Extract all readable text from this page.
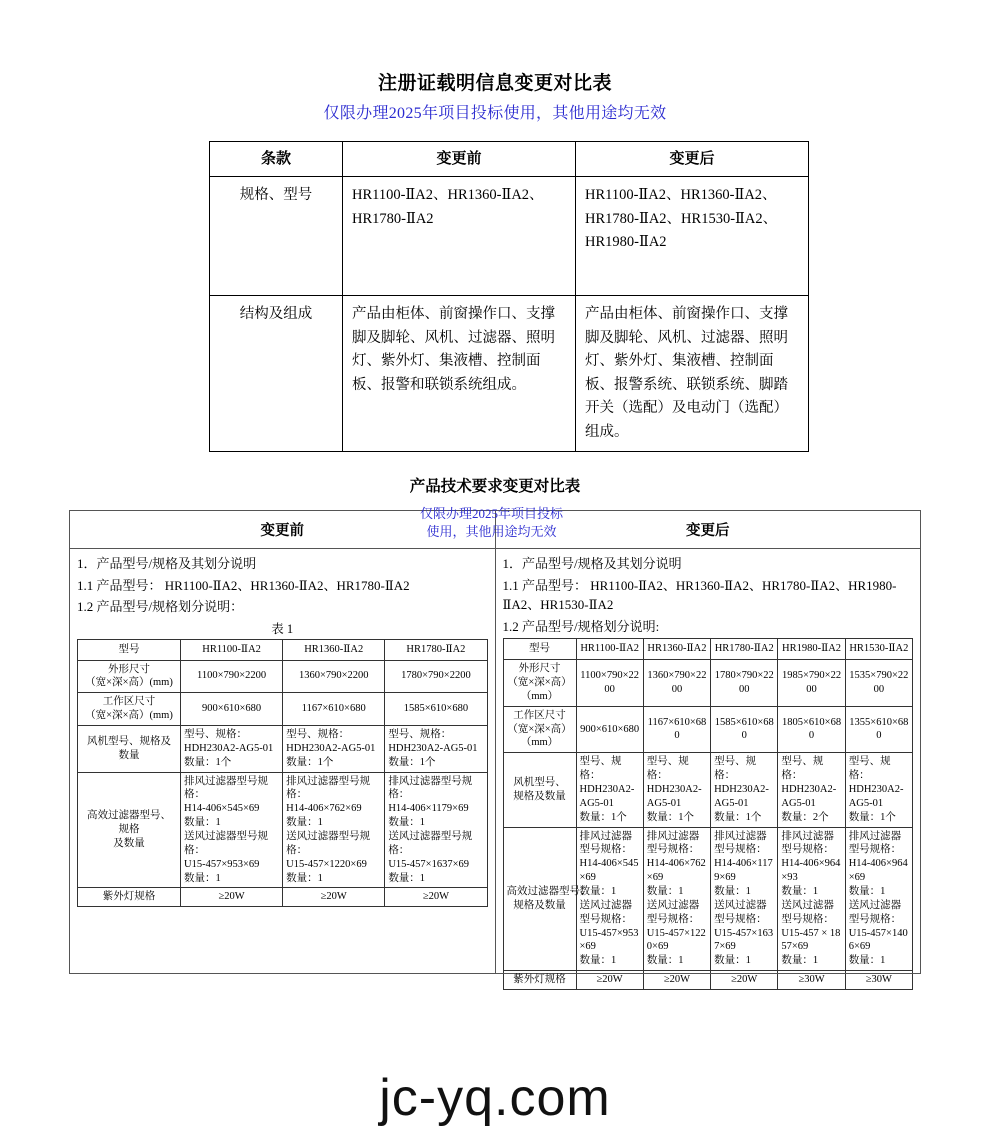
注册证载明信息变更对比表
仅限办理2025年项目投标使用，其他用途均无效
条款	变更前	变更后
规格、型号	HR1100-ⅡA2、HR1360-ⅡA2、HR1780-ⅡA2	HR1100-ⅡA2、HR1360-ⅡA2、HR1780-ⅡA2、HR1530-ⅡA2、HR1980-ⅡA2
结构及组成	产品由柜体、前窗操作口、支撑脚及脚轮、风机、过滤器、照明灯、紫外灯、集液槽、控制面板、报警和联锁系统组成。	产品由柜体、前窗操作口、支撑脚及脚轮、风机、过滤器、照明灯、紫外灯、集液槽、控制面板、报警系统、联锁系统、脚踏开关（选配）及电动门（选配）组成。
产品技术要求变更对比表
仅限办理2025年项目投标
使用，其他用途均无效
变更前	变更后

1．产品型号/规格及其划分说明

1.1 产品型号： HR1100-ⅡA2、HR1360-ⅡA2、HR1780-ⅡA2

1.2 产品型号/规格划分说明：

表 1
型号	HR1100-ⅡA2	HR1360-ⅡA2	HR1780-ⅡA2
外形尺寸
（宽×深×高）(mm)	1100×790×2200	1360×790×2200	1780×790×2200
工作区尺寸
（宽×深×高）(mm)	900×610×680	1167×610×680	1585×610×680
风机型号、规格及
数量	型号、规格：
HDH230A2-AG5-01
数量：1个	型号、规格：
HDH230A2-AG5-01
数量：1个	型号、规格：
HDH230A2-AG5-01
数量：1个
高效过滤器型号、
规格
及数量	排风过滤器型号规格：
H14-406×545×69
数量：1
送风过滤器型号规格：
U15-457×953×69
数量：1	排风过滤器型号规格：
H14-406×762×69
数量：1
送风过滤器型号规格：
U15-457×1220×69
数量：1	排风过滤器型号规格：
H14-406×1179×69
数量：1
送风过滤器型号规格：
U15-457×1637×69
数量：1
紫外灯规格	≥20W	≥20W	≥20W

1．产品型号/规格及其划分说明

1.1 产品型号： HR1100-ⅡA2、HR1360-ⅡA2、HR1780-ⅡA2、HR1980-ⅡA2、HR1530-ⅡA2

1.2 产品型号/规格划分说明:

型号	HR1100-ⅡA2	HR1360-ⅡA2	HR1780-ⅡA2	HR1980-ⅡA2	HR1530-ⅡA2
外形尺寸
（宽×深×高）
（mm）	1100×790×2200	1360×790×2200	1780×790×2200	1985×790×2200	1535×790×2200
工作区尺寸
（宽×深×高）
（mm）	900×610×680	1167×610×680	1585×610×680	1805×610×680	1355×610×680
风机型号、规格及数量	型号、规格：
HDH230A2-AG5-01
数量：1个	型号、规格：
HDH230A2-AG5-01
数量：1个	型号、规格：
HDH230A2-AG5-01
数量：1个	型号、规格：
HDH230A2-AG5-01
数量：2个	型号、规格：
HDH230A2-AG5-01
数量：1个
高效过滤器型号、规格及数量	排风过滤器型号规格：
H14-406×545×69
数量：1
送风过滤器型号规格：
U15-457×953×69
数量：1	排风过滤器型号规格：
H14-406×762×69
数量：1
送风过滤器型号规格：
U15-457×1220×69
数量：1	排风过滤器型号规格：
H14-406×1179×69
数量：1
送风过滤器型号规格：
U15-457×1637×69
数量：1	排风过滤器型号规格：
H14-406×964×93
数量：1
送风过滤器型号规格：
U15-457 × 1857×69
数量：1	排风过滤器型号规格：
H14-406×964×69
数量：1
送风过滤器型号规格：
U15-457×1406×69
数量：1
紫外灯规格	≥20W	≥20W	≥20W	≥30W	≥30W
jc-yq.com
